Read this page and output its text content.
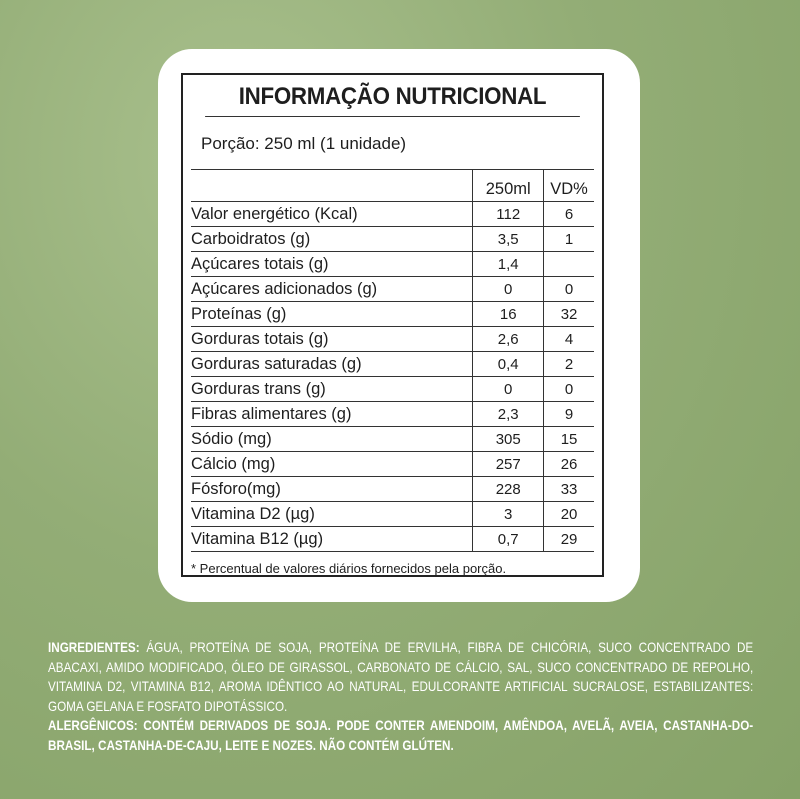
INFORMAÇÃO NUTRICIONAL
Porção: 250 ml (1 unidade)
	250ml	VD%
Valor energético (Kcal)	112	6
Carboidratos (g)	3,5	1
Açúcares totais (g)	1,4	
Açúcares adicionados (g)	0	0
Proteínas (g)	16	32
Gorduras totais (g)	2,6	4
Gorduras saturadas (g)	0,4	2
Gorduras trans (g)	0	0
Fibras alimentares (g)	2,3	9
Sódio (mg)	305	15
Cálcio (mg)	257	26
Fósforo(mg)	228	33
Vitamina D2 (µg)	3	20
Vitamina B12 (µg)	0,7	29
* Percentual de valores diários fornecidos pela porção.
INGREDIENTES: ÁGUA, PROTEÍNA DE SOJA, PROTEÍNA DE ERVILHA, FIBRA DE CHICÓRIA, SUCO CONCENTRADO DE ABACAXI, AMIDO MODIFICADO, ÓLEO DE GIRASSOL, CARBONATO DE CÁLCIO, SAL, SUCO CONCENTRADO DE REPOLHO, VITAMINA D2, VITAMINA B12, AROMA IDÊNTICO AO NATURAL, EDULCORANTE ARTIFICIAL SUCRALOSE, ESTABILIZANTES: GOMA GELANA E FOSFATO DIPOTÁSSICO.
ALERGÊNICOS: CONTÉM DERIVADOS DE SOJA. PODE CONTER AMENDOIM, AMÊNDOA, AVELÃ, AVEIA, CASTANHA-DO-BRASIL, CASTANHA-DE-CAJU, LEITE E NOZES. NÃO CONTÉM GLÚTEN.
